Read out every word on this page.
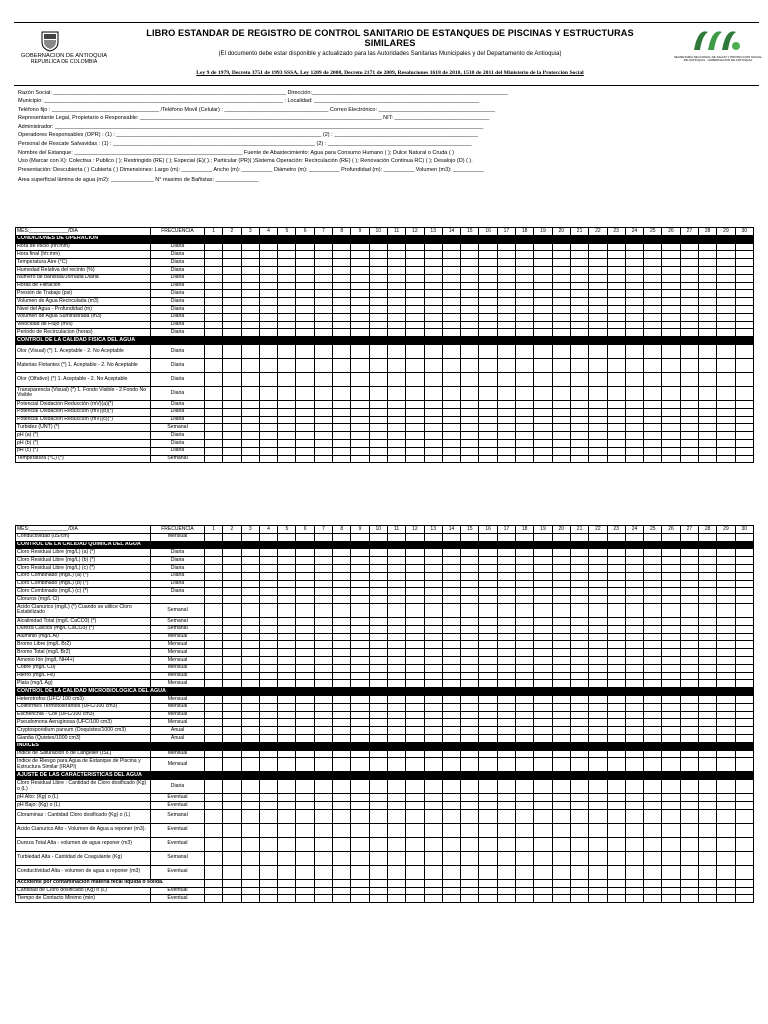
GOBERNACION DE ANTIOQUIA
REPUBLICA DE COLOMBIA
LIBRO ESTANDAR DE REGISTRO DE CONTROL SANITARIO DE ESTANQUES DE PISCINAS Y ESTRUCTURAS SIMILARES
(El documento debe estar disponible y actualizado para las Autoridades Sanitarias Municipales y del Departamento de Antioquia)
Ley 9 de 1979, Decreto 3751 de 1993 SSSA, Ley 1209 de 2008, Decreto 2171 de 2009, Resoluciones 1618 de 2010, 1510 de 2011 del Ministerio de la Protección Social
SECRETARIA SECCIONAL DE SALUD Y PROTECCION SOCIAL DE ANTIOQUIA · GOBERNACION DE ANTIOQUIA
Razón Social: ____________________________________________________________________________ Dirección:________________________________________________________________
Municipio: ______________________________________________________________________________ : Localidad: ______________________________________________________
Teléfono fijo : ___________________________________ /Teléfono Movil (Celular) : __________________________________ Correo Electrónico: ______________________________________
Representante Legal, Propietario o Responsable: _______________________________________________________________________________ NIT: _______________________________
Administrador: ____________________________________________________________________________________________________________________________________________
Operadores Responsables (OPR) : (1) : ___________________________________________________________________ (2) : _______________________________________________
Personal de Rescate Salvavidas : (1) : __________________________________________________________________ (2) : _______________________________________________
Nombre del Estanque: _______________________________________________________ Fuente de Abastecimiento: Agua para Consumo Humano ( ); Dulce Natural o Cruda ( )
Uso (Marcar con X): Colectiva : Publico ( ); Restringido (RE) ( ); Especial (E)( ).; Particular (PR)( )Sistema Operación: Recirculación (RE) ( ); Renovación Continua RC) ( ); Desalojo (D) ( ).
Presentación: Descubierta ( ) Cubierta ( ) Dimensiones: Largo (m): __________ Ancho (m): __________ Diámetro (m): __________ Profundidad (m): __________ Volumen (m3): __________
Area superficial lámina de agua (m2): ______________ N° maximo de Bañistas: ______________
MES:______________/DIA	FRECUENCIA	1	2	3	4	5	6	7	8	9	10	11	12	13	14	15	16	17	18	19	20	21	22	23	24	25	26	27	28	29	30
CONDICIONES DE OPERACIÓN																															
Hora de Inicio (hh:mm)	Diaria																														
Hora final (hh:mm)	Diaria																														
Temperatura Aire (°C)	Diaria																														
Humedad Relativa del recinto (%)	Diaria																														
Numero de bañistas/Jornada Diaria	Diaria																														
Horas de Filtración	Diaria																														
Presión de Trabajo (psi)	Diaria																														
Volumen de Agua Recirculada (m3)	Diaria																														
Nivel del Agua - Profundidad (m)	Diaria																														
Volumen de Agua Suministrada (m3)	Diaria																														
Velocidad de Flujo (m/s)	Diaria																														
Periodo de Recirculacion (horas)	Diaria																														
CONTROL DE LA CALIDAD FISICA DEL AGUA																															
Olor (Visual) (*) 1. Aceptable - 2. No Aceptable	Diaria																														
Materias Flotantes (*) 1. Aceptable - 2. No Aceptable	Diaria																														
Olor (Olfativo) (*) 1. Aceptable - 2. No Aceptable	Diaria																														
Transparencia (Visual) (*) 1. Fondo Visible - 2 Fondo No Visible	Diaria																														
Potencial Oxidación Reducción (mV)(a)(*)	Diaria																														
Potencial Oxidación Reducción (mV)(b)(*)	Diaria																														
Potencial Oxidación Reducción (mV)(c)(*)	Diaria																														
Turbidez (UNT) (*)	Semanal																														
pH (a) (*)	Diaria																														
pH (b) (*)	Diaria																														
pH (c) (*)	Diaria																														
Temperatura (°C) (*)	Semanal																														
MES:______________/DIA	FRECUENCIA	1	2	3	4	5	6	7	8	9	10	11	12	13	14	15	16	17	18	19	20	21	22	23	24	25	26	27	28	29	30
Conductividad (uS/cm)	Mensual																														
CONTROL DE LA CALIDAD QUIMICA DEL AGUA																															
Cloro Residual Libre (mg/L) (a) (*)	Diaria																														
Cloro Residual Libre (mg/L) (b) (*)	Diaria																														
Cloro Residual Libre (mg/L) (c) (*)	Diaria																														
Cloro Combinado (mg/L) (a) (*)	Diaria																														
Cloro Combinado (mg/L) (b) (*)	Diaria																														
Cloro Combinado (mg/L) (c) (*)	Diaria																														
Cloruros (mg/L Cl)																															
Acido Cianurico (mg/L) (*) Cuando se utilice Cloro Estabilizado	Semanal																														
Alcalinidad Total (mg/L CaCO3) (*)	Semanal																														
Dureza Cálcica (mg/L CaCO3) (*)	Semanal																														
Aluminio (mg/L Al)	Mensual																														
Bromo Libre (mg/L Br2)	Mensual																														
Bromo Total (mg/L Br2)	Mensual																														
Amonio Ión (mg/L NH4+)	Mensual																														
Cobre (mg/L Cu)	Mensual																														
Hierro (mg/L Fe)	Mensual																														
Plata (mg/L Ag)	Mensual																														
CONTROL DE LA CALIDAD MICROBIOLOGICA DEL AGUA																															
Heterotrofos (UFC/ 100 cm3)	Mensual																														
Coliformes Termotolerantes (UFC/100 cm3)	Mensual																														
Escherichia - Coli (UFC/100 cm3)	Mensual																														
Pseudomona Aeruginosa (UFC/100 cm3)	Mensual																														
Cryptosporidium parvum (Ooquistes/1000 cm3)	Anual																														
Giardia (Quistes/1000 cm3)	Anual																														
INDICES																															
Indice de Saturación o de Langelier (ISL)	Mensual																														
Indice de Riesgo para Agua de Estanque de Piscina y Estructura Similar (IRAPI)	Mensual																														
AJUSTE DE LAS CARACTERISTICAS DEL AGUA																															
Cloro Residual Libre : Cantidad de Cloro dosificado (Kg) o (L)	Diaria																														
pH Alto: (Kg) o (L)	Eventual																														
pH Bajo: (Kg) o (L)	Eventual																														
Cloraminas : Cantidad Cloro dosificado (Kg) o (L)	Semanal																														
Acido Cianurico Alto - Volumen de Agua a reponer (m3).	Eventual																														
Dureza Total Alta - volumen de agua reponer (m3)	Eventual																														
Turbiedad Alta - Cantidad de Coagulante (Kg)	Semanal																														
Conductividad Alta - volumen de agua a reponer (m3)	Eventual																														
Accidente por contaminación materia fecal líquida o sólida.																															
Cantidad de Cloro dosificado (Kg) o (L)	Eventual																														
Tiempo de Contacto Minimo (min)	Eventual																														
